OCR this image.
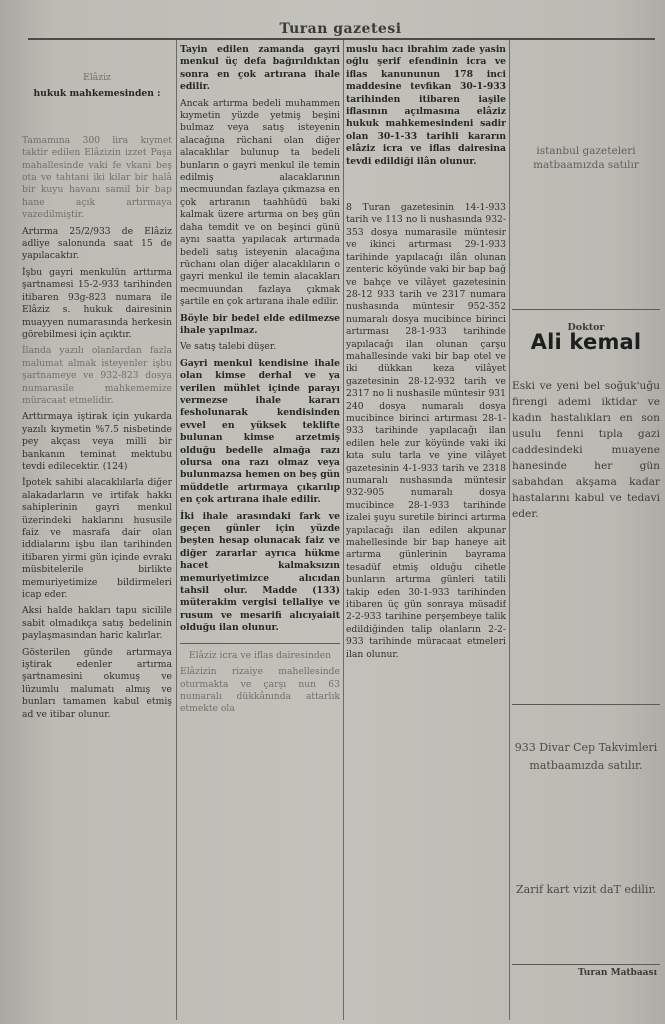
Turan gazetesi

Elâziz

hukuk mahkemesinden :

Tamamına 300 lira kıymet taktir edilen Elâzizin izzet Paşa mahallesinde vaki fe vkani beş ota ve tahtani iki kilar bir halâ bir kuyu havanı samil bir bap hane açık artırmaya vazedilmiştir.

Artırma 25/2/933 de Elâziz adliye salonunda saat 15 de yapılacaktır.

İşbu gayri menkulün arttırma şartnamesi 15-2-933 tarihinden itibaren 93g-823 numara ile Elâziz s. hukuk dairesinin muayyen numarasında herkesin görebilmesi için açıktır.

İlanda yazılı olanlardan fazla malumat almak isteyenler işbu şartnameye ve 932-823 dosya numarasile mahkememize müracaat etmelidir.

Arttırmaya iştirak için yukarda yazılı kıymetin %7.5 nisbetinde pey akçası veya milli bir bankanın teminat mektubu tevdi edilecektir. (124)

İpotek sahibi alacaklılarla diğer alakadarların ve irtifak hakkı sahiplerinin gayri menkul üzerindeki haklarını hususile faiz ve masrafa dair olan iddialarını işbu ilan tarihinden itibaren yirmi gün içinde evrakı müsbitelerile birlikte memuriyetimize bildirmeleri icap eder.

Aksi halde hakları tapu sicilile sabit olmadıkça satış bedelinin paylaşmasından haric kalırlar.

Gösterilen günde artırmaya iştirak edenler artırma şartnamesini okumuş ve lüzumlu malumatı almış ve bunları tamamen kabul etmiş ad ve itibar olunur.

Tayin edilen zamanda gayri menkul üç defa bağırıldıktan sonra en çok artırana ihale edilir.

Ancak artırma bedeli muhammen kıymetin yüzde yetmiş beşini bulmaz veya satış isteyenin alacağına rüchani olan diğer alacaklılar bulunup ta bedeli bunların o gayri menkul ile temin edilmiş alacaklarının mecmuundan fazlaya çıkmazsa en çok artıranın taahhüdü baki kalmak üzere artırma on beş gün daha temdit ve on beşinci günü aynı saatta yapılacak artırmada bedeli satış isteyenin alacağına rüchanı olan diğer alacaklıların o gayri menkul ile temin alacakları mecmuundan fazlaya çıkmak şartile en çok artırana ihale edilir.

Böyle bir bedel elde edilmezse ihale yapılmaz.

Ve satış talebi düşer.

Gayri menkul kendisine ihale olan kimse derhal ve ya verilen mühlet içinde parayı vermezse ihale kararı fesholunarak kendisinden evvel en yüksek teklifte bulunan kimse arzetmiş olduğu bedelle almağa razı olursa ona razı olmaz veya bulunmazsa hemen on beş gün müddetle artırmaya çıkarılıp en çok artırana ihale edilir.

İki ihale arasındaki fark ve geçen günler için yüzde beşten hesap olunacak faiz ve diğer zararlar ayrıca hükme hacet kalmaksızın memuriyetimizce alıcıdan tahsil olur. Madde (133) müterakim vergisi tellaliye ve rusum ve mesarifi alıcıyaiait olduğu ilan olunur.

Elâziz icra ve iflas dairesinden

Elâzizin rizaiye mahellesinde oturmakta ve çarşı nun 63 numaralı dükkânında attarlık etmekte ola

muslu hacı ibrahim zade yasin oğlu şerif efendinin icra ve iflas kanununun 178 inci maddesine tevfikan 30-1-933 tarihinden itibaren iaşile iflasının açılmasına elâziz hukuk mahkemesindeni sadir olan 30-1-33 tarihli kararın elâziz icra ve iflas dairesina tevdi edildiği ilân olunur.

8 Turan gazetesinin 14-1-933 tarih ve 113 no li nushasında 932-353 dosya numarasile müntesir ve ikinci artırması 29-1-933 tarihinde yapılacağı ilân olunan zenteric köyünde vaki bir bap bağ ve bahçe ve vilâyet gazetesinin 28-12 933 tarih ve 2317 numara nushasında müntesir 952-352 numaralı dosya mucibince birinci artırması 28-1-933 tarihinde yapılacağı ilan olunan çarşu mahallesinde vaki bir bap otel ve iki dükkan keza vilâyet gazetesinin 28-12-932 tarih ve 2317 no li nushasile müntesir 931 240 dosya numaralı dosya mucibince birinci artırması 28-1-933 tarihinde yapılacağı ilan edilen hele zur köyünde vaki iki kıta sulu tarla ve yine vilâyet gazetesinin 4-1-933 tarih ve 2318 numaralı nushasında müntesir 932-905 numaralı dosya mucibince 28-1-933 tarihinde izalei şuyu suretile birinci artırma yapılacağı ilan edilen akpunar mahellesinde bir bap haneye ait artırma günlerinin bayrama tesadüf etmiş olduğu cihetle bunların artırma günleri tatili takip eden 30-1-933 tarihinden itibaren üç gün sonraya müsadif 2-2-933 tarihine perşembeye talik edildiğinden talip olanların 2-2-933 tarihinde müracaat etmeleri ilan olunur.

istanbul gazeteleri matbaamızda satılır
Doktor
Ali kemal
Eski ve yeni bel soğuk'uğu firengi ademi iktidar ve kadın hastalıkları en son usulu fenni tıpla gazi caddesindeki muayene hanesinde her gün sabahdan akşama kadar hastalarını kabul ve tedavi eder.
933 Divar Cep Takvimleri matbaamızda satılır.
Zarif kart vizit daT edilir.
Turan Matbaası
